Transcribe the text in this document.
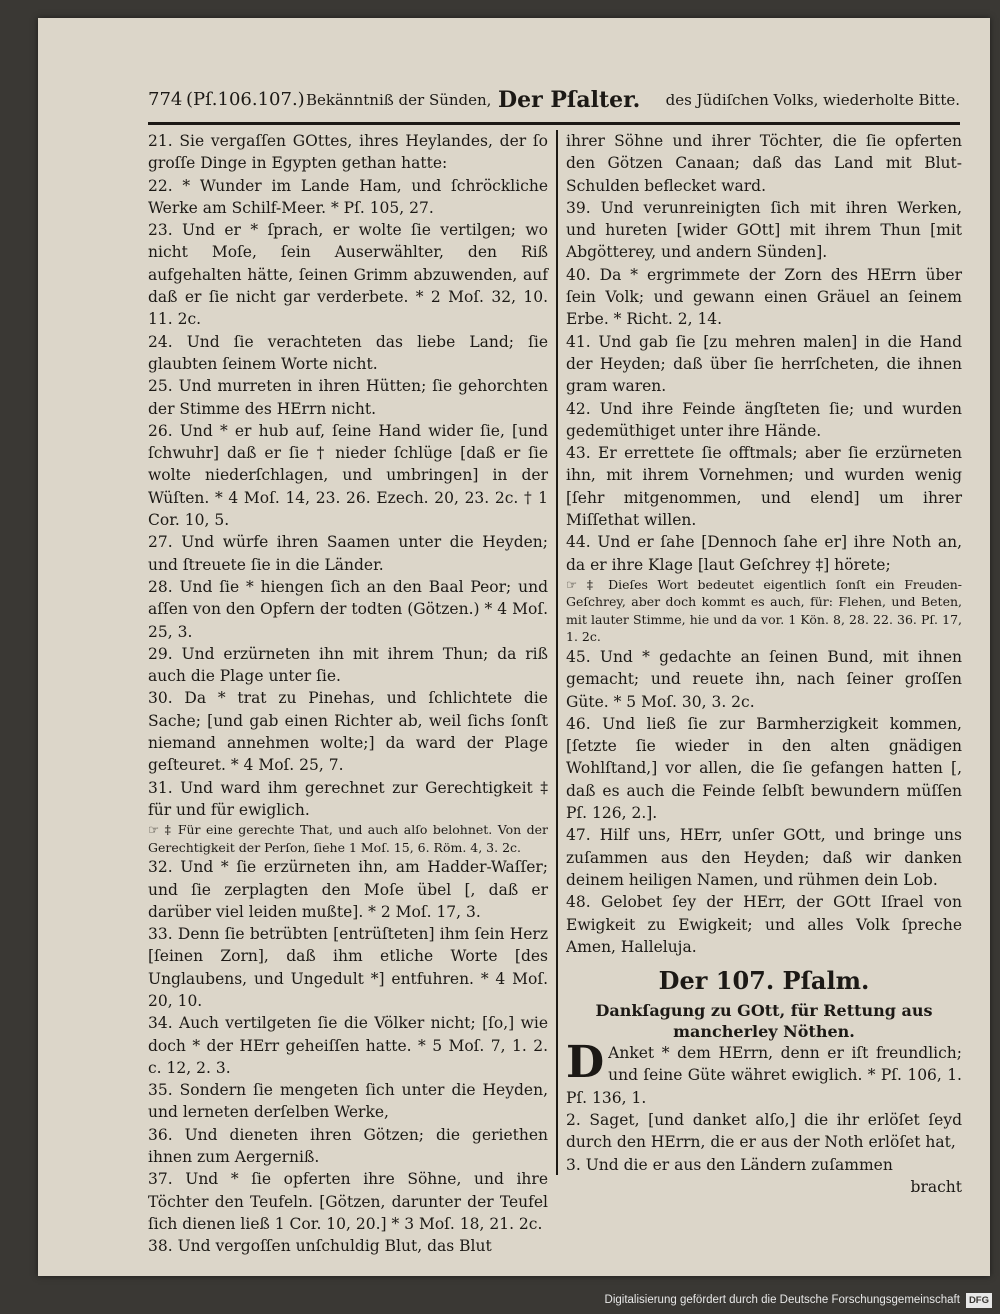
774 (Pſ.106.107.) Bekänntniß der Sünden, Der Pſalter. des Jüdiſchen Volks, wiederholte Bitte.

21. Sie vergaſſen GOttes, ihres Heylandes, der ſo groſſe Dinge in Egypten gethan hatte:

22. * Wunder im Lande Ham, und ſchröckliche Werke am Schilf-Meer. * Pſ. 105, 27.

23. Und er * ſprach, er wolte ſie vertilgen; wo nicht Moſe, ſein Auserwählter, den Riß aufgehalten hätte, ſeinen Grimm abzuwenden, auf daß er ſie nicht gar verderbete. * 2 Moſ. 32, 10. 11. 2c.

24. Und ſie verachteten das liebe Land; ſie glaubten ſeinem Worte nicht.

25. Und murreten in ihren Hütten; ſie gehorchten der Stimme des HErrn nicht.

26. Und * er hub auf, ſeine Hand wider ſie, [und ſchwuhr] daß er ſie † nieder ſchlüge [daß er ſie wolte niederſchlagen, und umbringen] in der Wüſten. * 4 Moſ. 14, 23. 26. Ezech. 20, 23. 2c. † 1 Cor. 10, 5.

27. Und würfe ihren Saamen unter die Heyden; und ſtreuete ſie in die Länder.

28. Und ſie * hiengen ſich an den Baal Peor; und aſſen von den Opfern der todten (Götzen.) * 4 Moſ. 25, 3.

29. Und erzürneten ihn mit ihrem Thun; da riß auch die Plage unter ſie.

30. Da * trat zu Pinehas, und ſchlichtete die Sache; [und gab einen Richter ab, weil ſichs ſonſt niemand annehmen wolte;] da ward der Plage geſteuret. * 4 Moſ. 25, 7.

31. Und ward ihm gerechnet zur Gerechtigkeit ‡ für und für ewiglich.

☞ ‡ Für eine gerechte That, und auch alſo belohnet. Von der Gerechtigkeit der Perſon, ſiehe 1 Moſ. 15, 6. Röm. 4, 3. 2c.

32. Und * ſie erzürneten ihn, am Hadder-Waſſer; und ſie zerplagten den Moſe übel [, daß er darüber viel leiden mußte]. * 2 Moſ. 17, 3.

33. Denn ſie betrübten [entrüſteten] ihm ſein Herz [ſeinen Zorn], daß ihm etliche Worte [des Unglaubens, und Ungedult *] entfuhren. * 4 Moſ. 20, 10.

34. Auch vertilgeten ſie die Völker nicht; [ſo,] wie doch * der HErr geheiſſen hatte. * 5 Moſ. 7, 1. 2. c. 12, 2. 3.

35. Sondern ſie mengeten ſich unter die Heyden, und lerneten derſelben Werke,

36. Und dieneten ihren Götzen; die geriethen ihnen zum Aergerniß.

37. Und * ſie opferten ihre Söhne, und ihre Töchter den Teufeln. [Götzen, darunter der Teufel ſich dienen ließ 1 Cor. 10, 20.] * 3 Moſ. 18, 21. 2c.

38. Und vergoſſen unſchuldig Blut, das Blut

ihrer Söhne und ihrer Töchter, die ſie opferten den Götzen Canaan; daß das Land mit Blut-Schulden beflecket ward.

39. Und verunreinigten ſich mit ihren Werken, und hureten [wider GOtt] mit ihrem Thun [mit Abgötterey, und andern Sünden].

40. Da * ergrimmete der Zorn des HErrn über ſein Volk; und gewann einen Gräuel an ſeinem Erbe. * Richt. 2, 14.

41. Und gab ſie [zu mehren malen] in die Hand der Heyden; daß über ſie herrſcheten, die ihnen gram waren.

42. Und ihre Feinde ängſteten ſie; und wurden gedemüthiget unter ihre Hände.

43. Er errettete ſie offtmals; aber ſie erzürneten ihn, mit ihrem Vornehmen; und wurden wenig [ſehr mitgenommen, und elend] um ihrer Miſſethat willen.

44. Und er ſahe [Dennoch ſahe er] ihre Noth an, da er ihre Klage [laut Geſchrey ‡] hörete;

☞ ‡ Dieſes Wort bedeutet eigentlich ſonſt ein Freuden-Geſchrey, aber doch kommt es auch, für: Flehen, und Beten, mit lauter Stimme, hie und da vor. 1 Kön. 8, 28. 22. 36. Pſ. 17, 1. 2c.

45. Und * gedachte an ſeinen Bund, mit ihnen gemacht; und reuete ihn, nach ſeiner groſſen Güte. * 5 Moſ. 30, 3. 2c.

46. Und ließ ſie zur Barmherzigkeit kommen, [ſetzte ſie wieder in den alten gnädigen Wohlſtand,] vor allen, die ſie gefangen hatten [, daß es auch die Feinde ſelbſt bewundern müſſen Pſ. 126, 2.].

47. Hilf uns, HErr, unſer GOtt, und bringe uns zuſammen aus den Heyden; daß wir danken deinem heiligen Namen, und rühmen dein Lob.

48. Gelobet ſey der HErr, der GOtt Iſrael von Ewigkeit zu Ewigkeit; und alles Volk ſpreche Amen, Halleluja.

Der 107. Pſalm.

Dankſagung zu GOtt, für Rettung aus mancherley Nöthen.

D Anket * dem HErrn, denn er iſt freundlich; und ſeine Güte währet ewiglich. * Pſ. 106, 1. Pſ. 136, 1.

2. Saget, [und danket alſo,] die ihr erlöſet ſeyd durch den HErrn, die er aus der Noth erlöſet hat,

3. Und die er aus den Ländern zuſammen

bracht

Digitalisierung gefördert durch die Deutsche Forschungsgemeinschaft DFG
